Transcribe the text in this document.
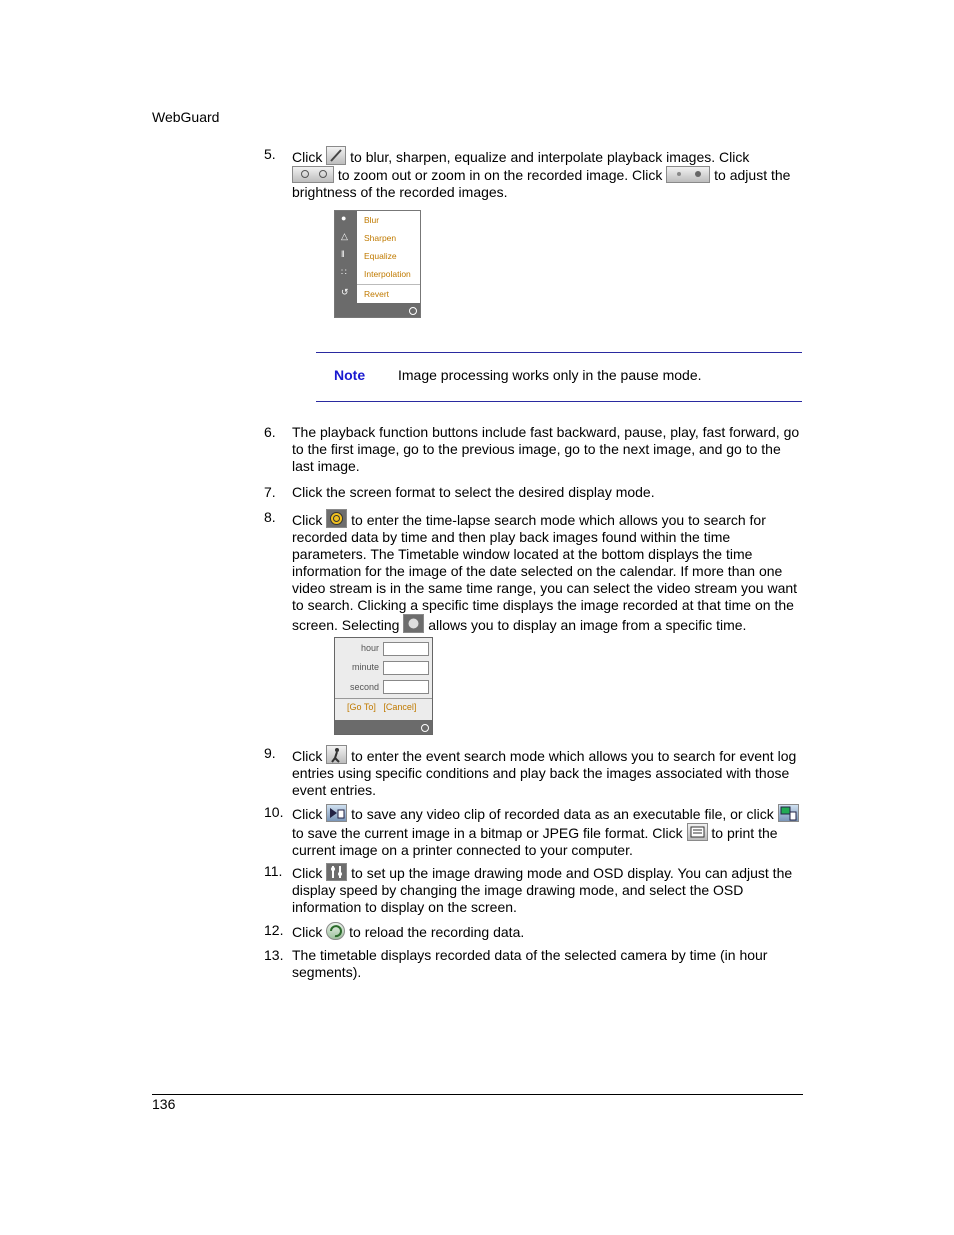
WebGuard
5.	Click to blur, sharpen, equalize and interpolate playback images. Click

to zoom out or zoom in on the recorded image. Click	to adjust the brightness of the recorded images.
● Blur
△ Sharpen
‖ Equalize
∷ Interpolation
↺ Revert
Note Image processing works only in the pause mode.
6.	The playback function buttons include fast backward, pause, play, fast forward, go to the first image, go to the previous image, go to the next image, and go to the last image.
7.	Click the screen format to select the desired display mode.
8.	Click to enter the time-lapse search mode which allows you to search for recorded data by time and then play back images found within the time parameters. The Timetable window located at the bottom displays the time information for the image of the date selected on the calendar. If more than one video stream is in the same time range, you can select the video stream you want to search. Clicking a specific time displays the image recorded at that time on the screen. Selecting allows you to display an image from a specific time.
hour
minute
second
[Go To] [Cancel]
9.	Click to enter the event search mode which allows you to search for event log entries using specific conditions and play back the images associated with those event entries.
10. Click to save any video clip of recorded data as an executable file, or click
to save the current image in a bitmap or JPEG file format. Click to print the current image on a printer connected to your computer.
11. Click to set up the image drawing mode and OSD display. You can adjust the display speed by changing the image drawing mode, and select the OSD information to display on the screen.
12. Click to reload the recording data.
13. The timetable displays recorded data of the selected camera by time (in hour segments).
136
